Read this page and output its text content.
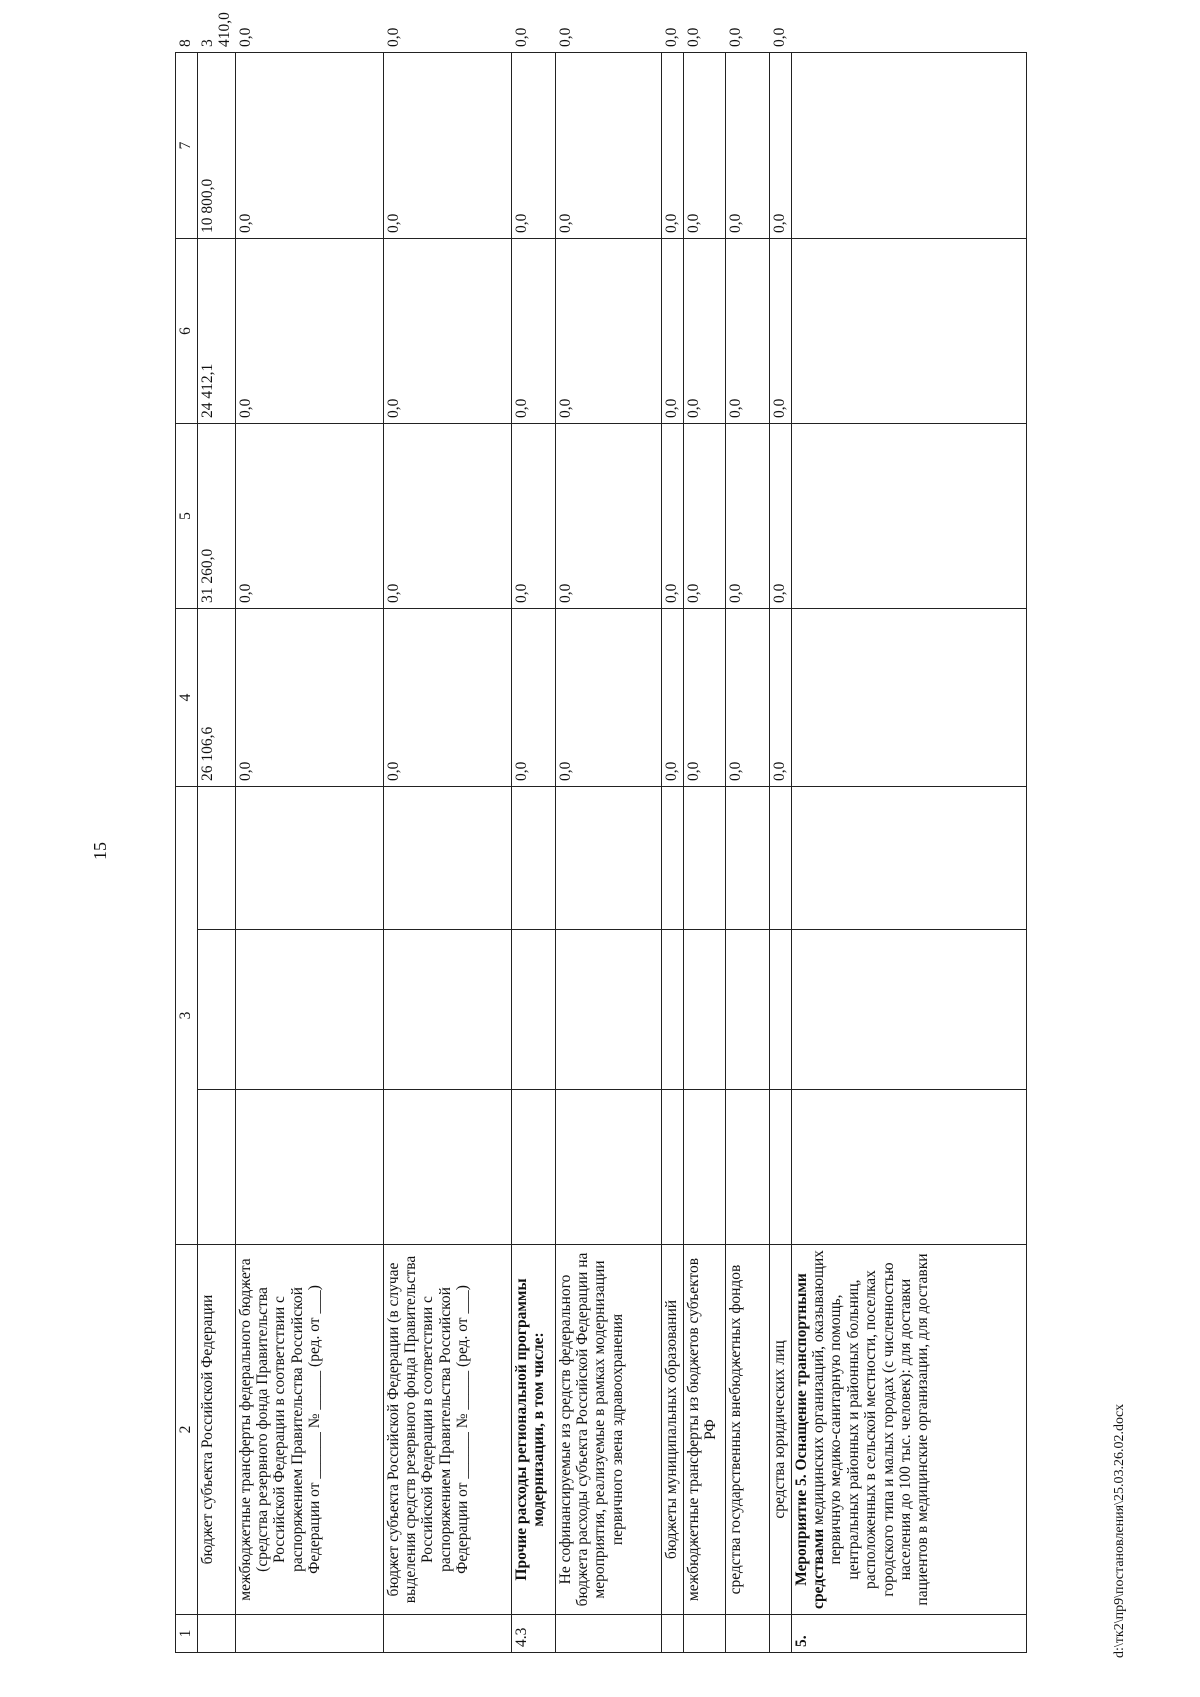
15
1	2	3			4	5	6	7	8
	бюджет субъекта Российской Федерации				26 106,6	31 260,0	24 412,1	10 800,0	3 410,0
	межбюджетные трансферты федерального бюджета (средства резервного фонда Правительства Российской Федерации в соответствии с распоряжением Правительства Российской Федерации от ______ № _____ (ред. от ___)				0,0	0,0	0,0	0,0	0,0
	бюджет субъекта Российской Федерации (в случае выделения средств резервного фонда Правительства Российской Федерации в соответствии с распоряжением Правительства Российской Федерации от ______ № _____ (ред. от ___)				0,0	0,0	0,0	0,0	0,0
4.3	Прочие расходы региональной программы модернизации, в том числе:				0,0	0,0	0,0	0,0	0,0
	Не софинансируемые из средств федерального бюджета расходы субъекта Российской Федерации на мероприятия, реализуемые в рамках модернизации первичного звена здравоохранения				0,0	0,0	0,0	0,0	0,0
	бюджеты муниципальных образований				0,0	0,0	0,0	0,0	0,0
	межбюджетные трансферты из бюджетов субъектов РФ				0,0	0,0	0,0	0,0	0,0
	средства государственных внебюджетных фондов				0,0	0,0	0,0	0,0	0,0
	средства юридических лиц				0,0	0,0	0,0	0,0	0,0
5.	Мероприятие 5. Оснащение транспортными средствами медицинских организаций, оказывающих первичную медико-санитарную помощь, центральных районных и районных больниц, расположенных в сельской местности, поселках городского типа и малых городах (с численностью населения до 100 тыс. человек): для доставки пациентов в медицинские организации, для доставки									d:\тк2\пр9\постановления\25.03.26.02.docx
